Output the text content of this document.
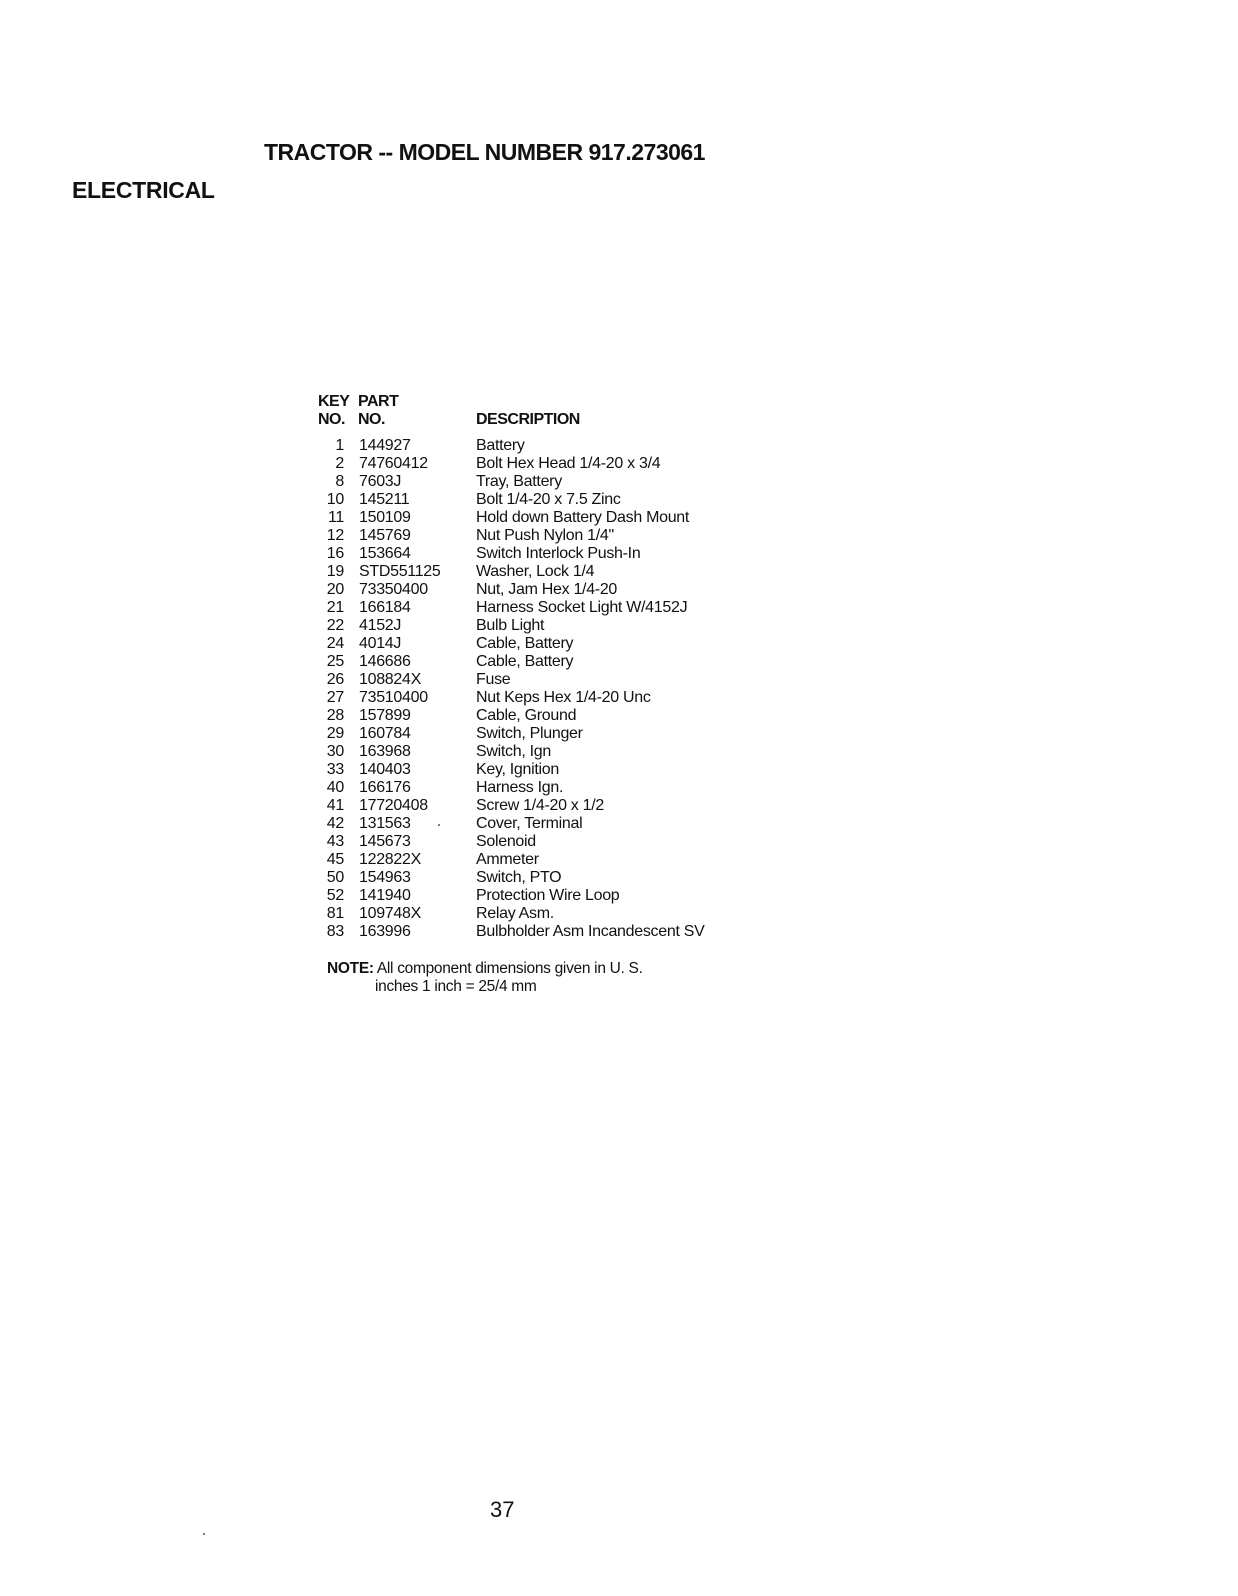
TRACTOR -- MODEL NUMBER 917.273061
ELECTRICAL
KEY
NO.
PART
NO.	DESCRIPTION
1 144927	Battery
2 74760412	Bolt Hex Head 1/4-20 x 3/4
8 7603J	Tray, Battery
10 145211	Bolt 1/4-20 x 7.5 Zinc
11 150109	Hold down Battery Dash Mount
12 145769	Nut Push Nylon 1/4"
16 153664	Switch Interlock Push-In
19 STD551125 Washer, Lock 1/4
20 73350400	Nut, Jam Hex 1/4-20
21 166184	Harness Socket Light W/4152J
22 4152J	Bulb Light
24 4014J	Cable, Battery
25 146686	Cable, Battery
26 108824X	Fuse
27 73510400	Nut Keps Hex 1/4-20 Unc
28 157899	Cable, Ground
29 160784	Switch, Plunger
30 163968	Switch, Ign
33 140403	Key, Ignition
40 166176	Harness Ign.
41 17720408	Screw 1/4-20 x 1/2
42 131563	Cover, Terminal
43 145673	Solenoid
45 122822X	Ammeter
50 154963	Switch, PTO
52 141940	Protection Wire Loop
81 109748X	Relay Asm.
83 163996	Bulbholder Asm Incandescent SV
NOTE: All component dimensions given in U. S.
inches 1 inch = 25/4 mm
37
